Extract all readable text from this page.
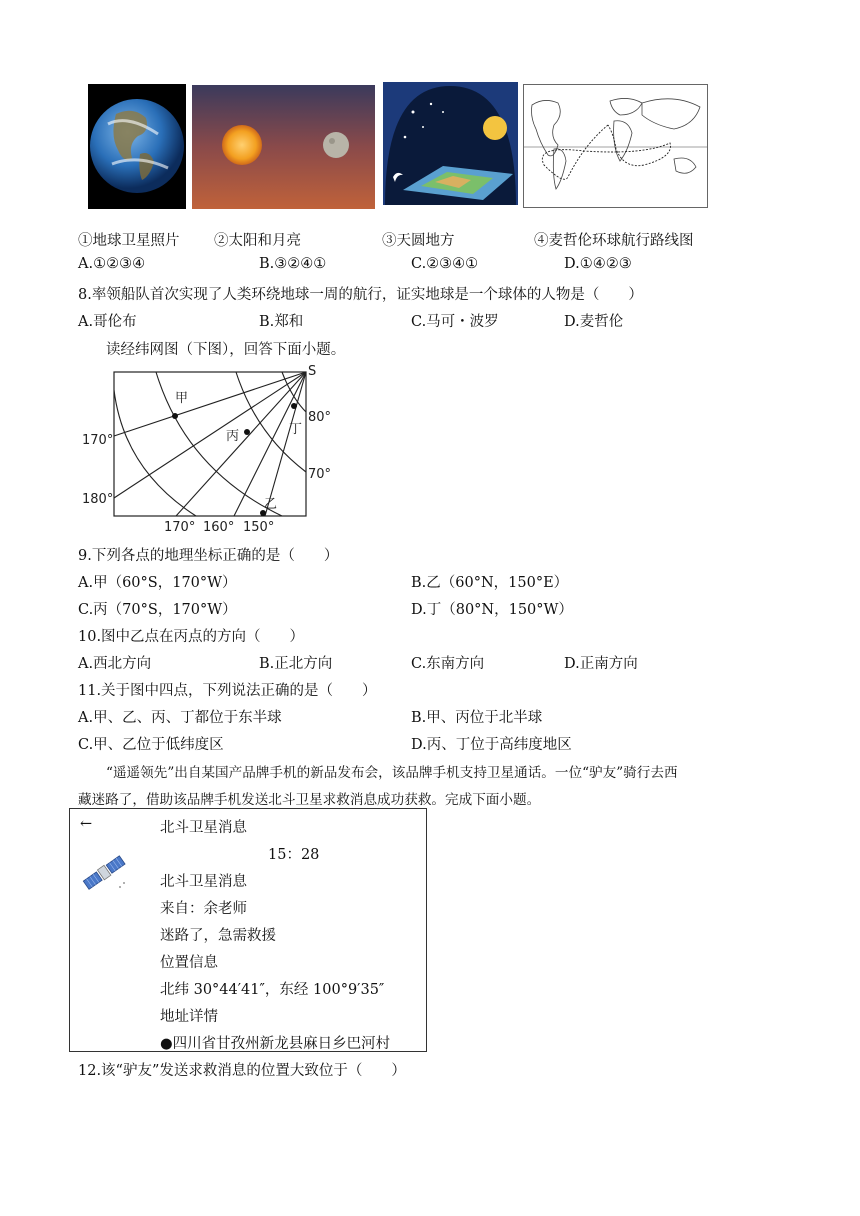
①地球卫星照片 ②太阳和月亮	③天圆地方	④麦哲伦环球航行路线图
A.①②③④	B.③②④①	C.②③④①	D.①④②③
8.率领船队首次实现了人类环绕地球一周的航行，证实地球是一个球体的人物是（　　）
A.哥伦布	B.郑和	C.马可・波罗	D.麦哲伦
读经纬网图（下图），回答下面小题。
S
甲
乙
丙	丁
170°
180°
80°
70°
170° 160° 150°
9.下列各点的地理坐标正确的是（　　）
A.甲（60°S，170°W）	B.乙（60°N，150°E）
C.丙（70°S，170°W）	D.丁（80°N，150°W）
10.图中乙点在丙点的方向（　　）
A.西北方向	B.正北方向	C.东南方向	D.正南方向
11.关于图中四点，下列说法正确的是（　　）
A.甲、乙、丙、丁都位于东半球	B.甲、丙位于北半球
C.甲、乙位于低纬度区	D.丙、丁位于高纬度地区
“遥遥领先”出自某国产品牌手机的新品发布会，该品牌手机支持卫星通话。一位“驴友”骑行去西
藏迷路了，借助该品牌手机发送北斗卫星求救消息成功获救。完成下面小题。
←	北斗卫星消息
15：28
北斗卫星消息
来自：余老师
迷路了，急需救援
位置信息
北纬 30°44′41″，东经 100°9′35″
地址详情
●四川省甘孜州新龙县麻日乡巴河村
12.该“驴友”发送求救消息的位置大致位于（　　）
